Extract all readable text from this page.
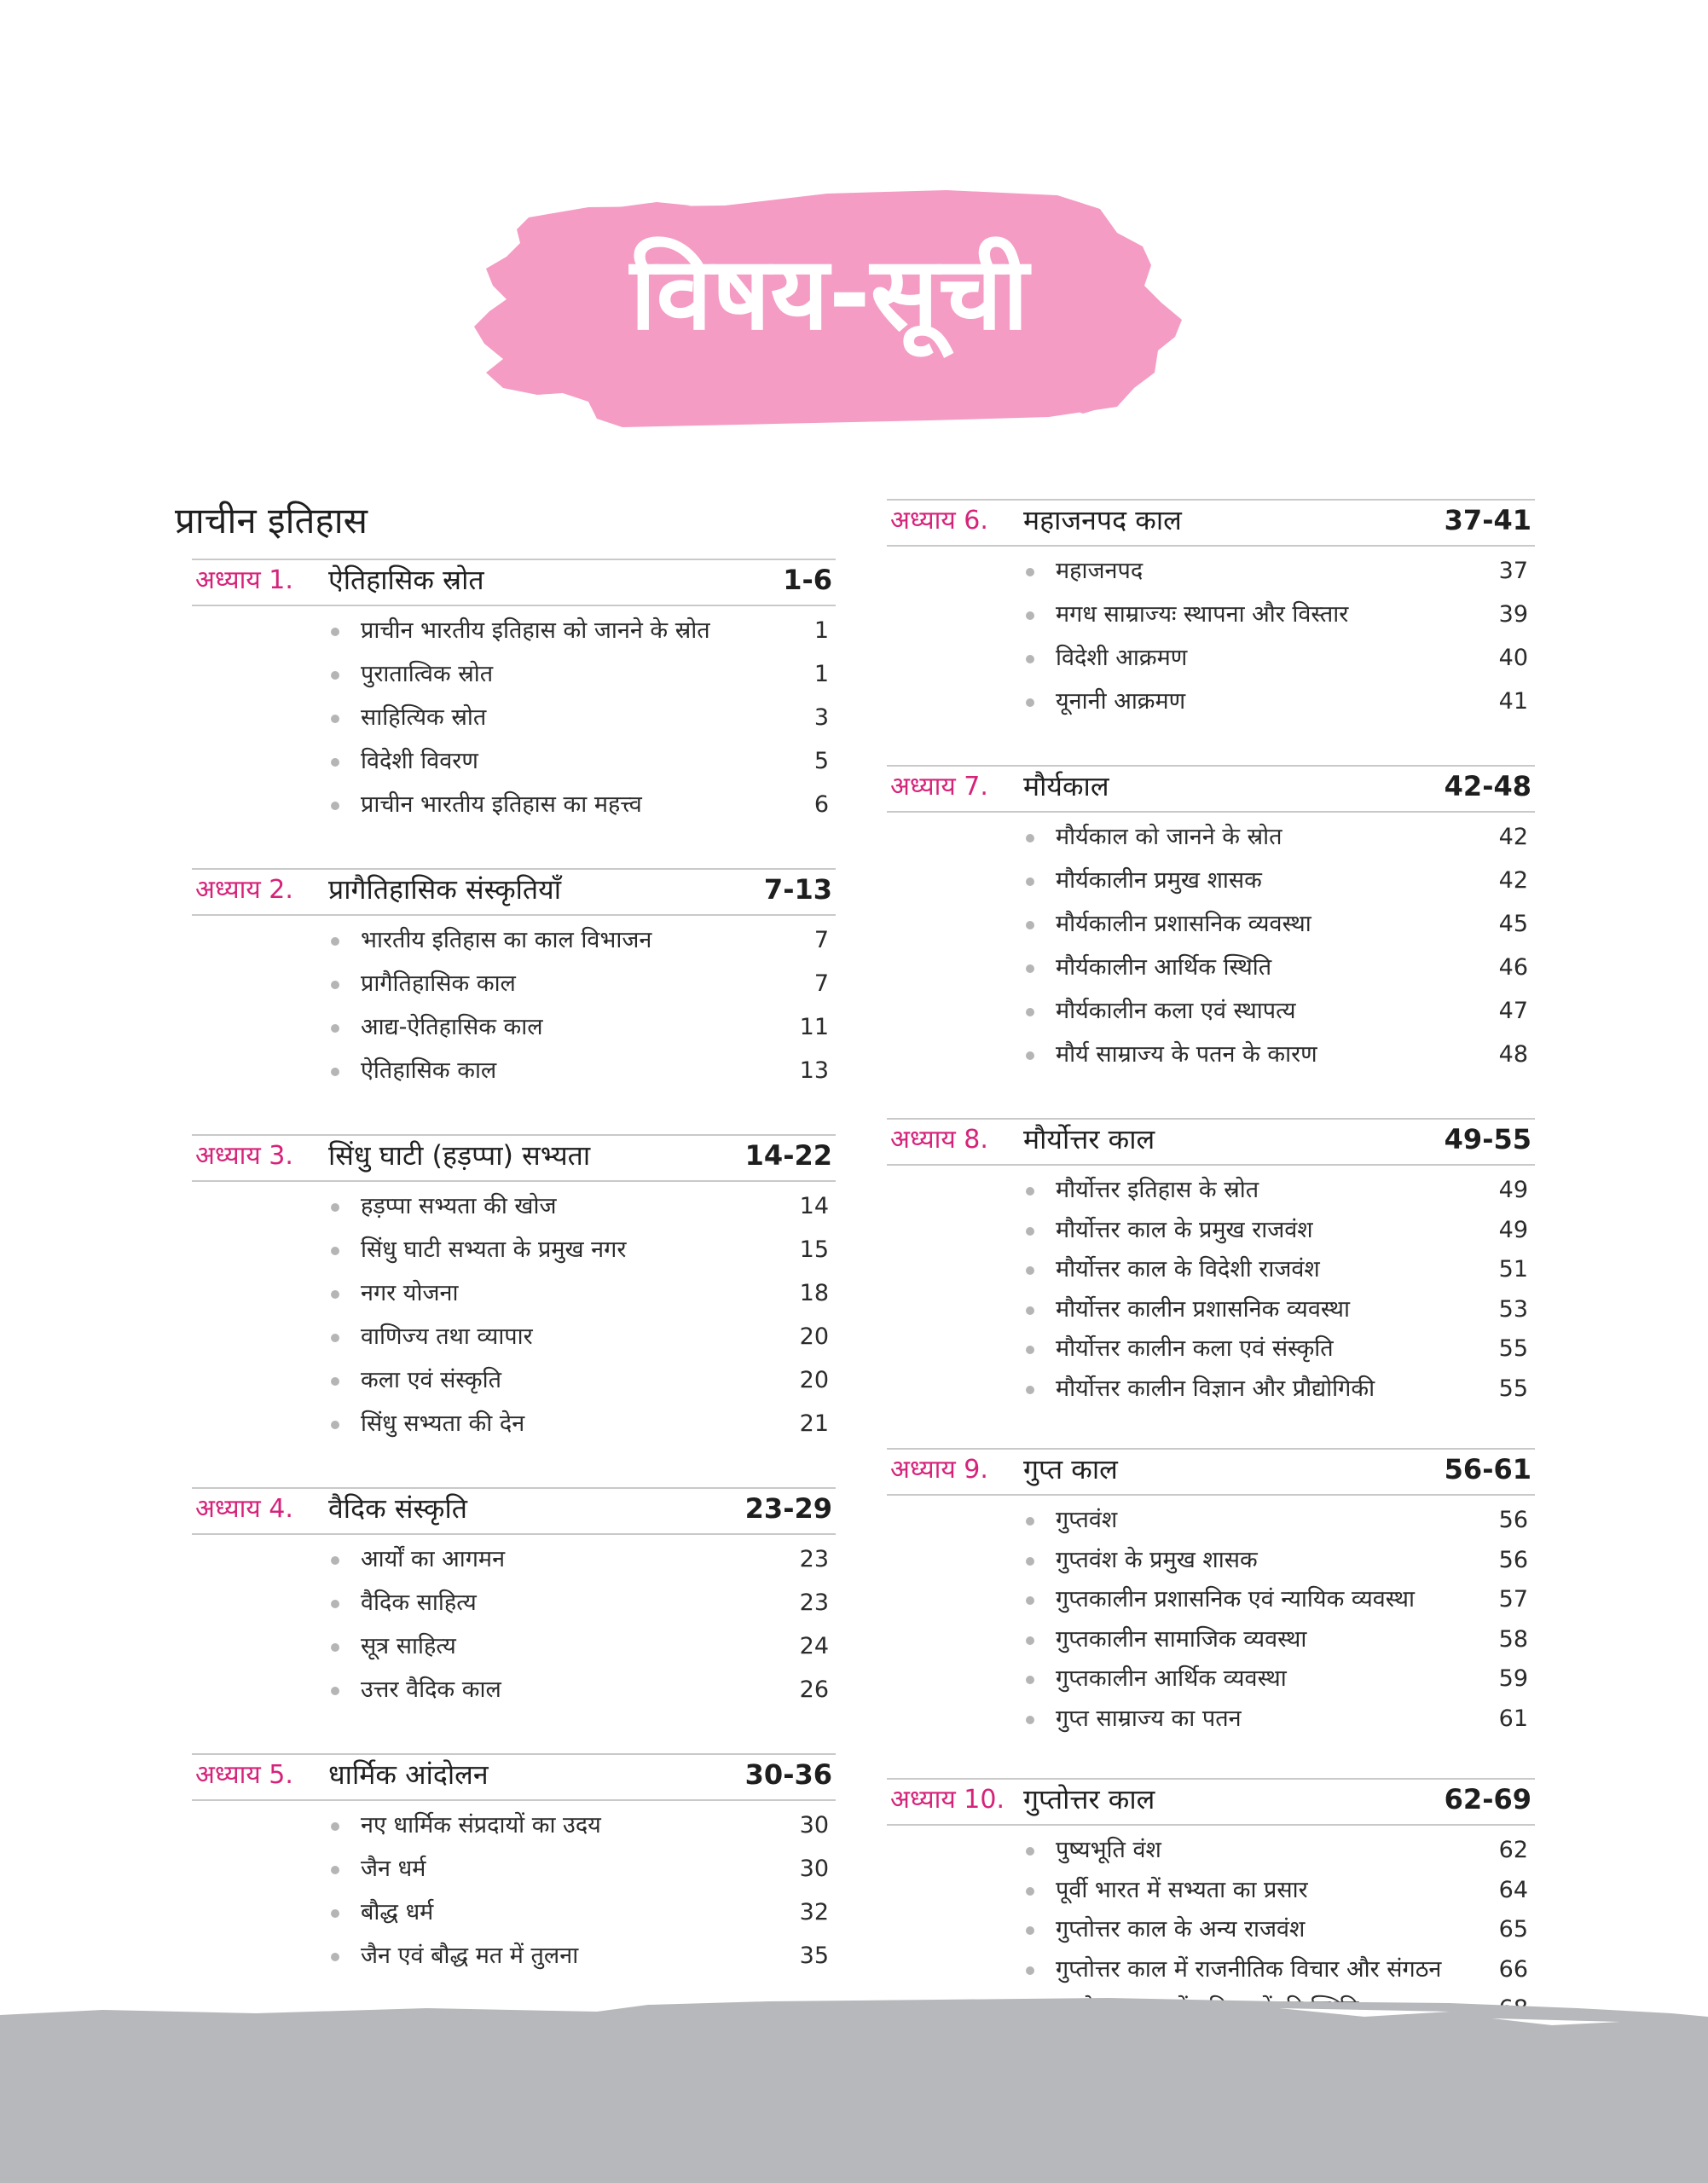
विषय-सूची
प्राचीन इतिहास
अध्याय 1. ऐतिहासिक स्रोत	1-6
प्राचीन भारतीय इतिहास को जानने के स्रोत	1
पुरातात्विक स्रोत	1
साहित्यिक स्रोत	3
विदेशी विवरण	5
प्राचीन भारतीय इतिहास का महत्त्व	6
अध्याय 2. प्रागैतिहासिक संस्कृतियाँ	7-13
भारतीय इतिहास का काल विभाजन	7
प्रागैतिहासिक काल	7
आद्य-ऐतिहासिक काल	11
ऐतिहासिक काल	13
अध्याय 3. सिंधु घाटी (हड़प्पा) सभ्यता	14-22
हड़प्पा सभ्यता की खोज	14
सिंधु घाटी सभ्यता के प्रमुख नगर	15
नगर योजना	18
वाणिज्य तथा व्यापार	20
कला एवं संस्कृति	20
सिंधु सभ्यता की देन	21
अध्याय 4. वैदिक संस्कृति	23-29
आर्यों का आगमन	23
वैदिक साहित्य	23
सूत्र साहित्य	24
उत्तर वैदिक काल	26
अध्याय 5. धार्मिक आंदोलन	30-36
नए धार्मिक संप्रदायों का उदय	30
जैन धर्म	30
बौद्ध धर्म	32
जैन एवं बौद्ध मत में तुलना	35
अध्याय 6. महाजनपद काल	37-41
महाजनपद	37
मगध साम्राज्यः स्थापना और विस्तार	39
विदेशी आक्रमण	40
यूनानी आक्रमण	41
अध्याय 7. मौर्यकाल	42-48
मौर्यकाल को जानने के स्रोत	42
मौर्यकालीन प्रमुख शासक	42
मौर्यकालीन प्रशासनिक व्यवस्था	45
मौर्यकालीन आर्थिक स्थिति	46
मौर्यकालीन कला एवं स्थापत्य	47
मौर्य साम्राज्य के पतन के कारण	48
अध्याय 8. मौर्योत्तर काल	49-55
मौर्योत्तर इतिहास के स्रोत	49
मौर्योत्तर काल के प्रमुख राजवंश	49
मौर्योत्तर काल के विदेशी राजवंश	51
मौर्योत्तर कालीन प्रशासनिक व्यवस्था	53
मौर्योत्तर कालीन कला एवं संस्कृति	55
मौर्योत्तर कालीन विज्ञान और प्रौद्योगिकी	55
अध्याय 9. गुप्त काल	56-61
गुप्तवंश	56
गुप्तवंश के प्रमुख शासक	56
गुप्तकालीन प्रशासनिक एवं न्यायिक व्यवस्था	57
गुप्तकालीन सामाजिक व्यवस्था	58
गुप्तकालीन आर्थिक व्यवस्था	59
गुप्त साम्राज्य का पतन	61
अध्याय 10. गुप्तोत्तर काल	62-69
पुष्यभूति वंश	62
पूर्वी भारत में सभ्यता का प्रसार	64
गुप्तोत्तर काल के अन्य राजवंश	65
गुप्तोत्तर काल में राजनीतिक विचार और संगठन 66
